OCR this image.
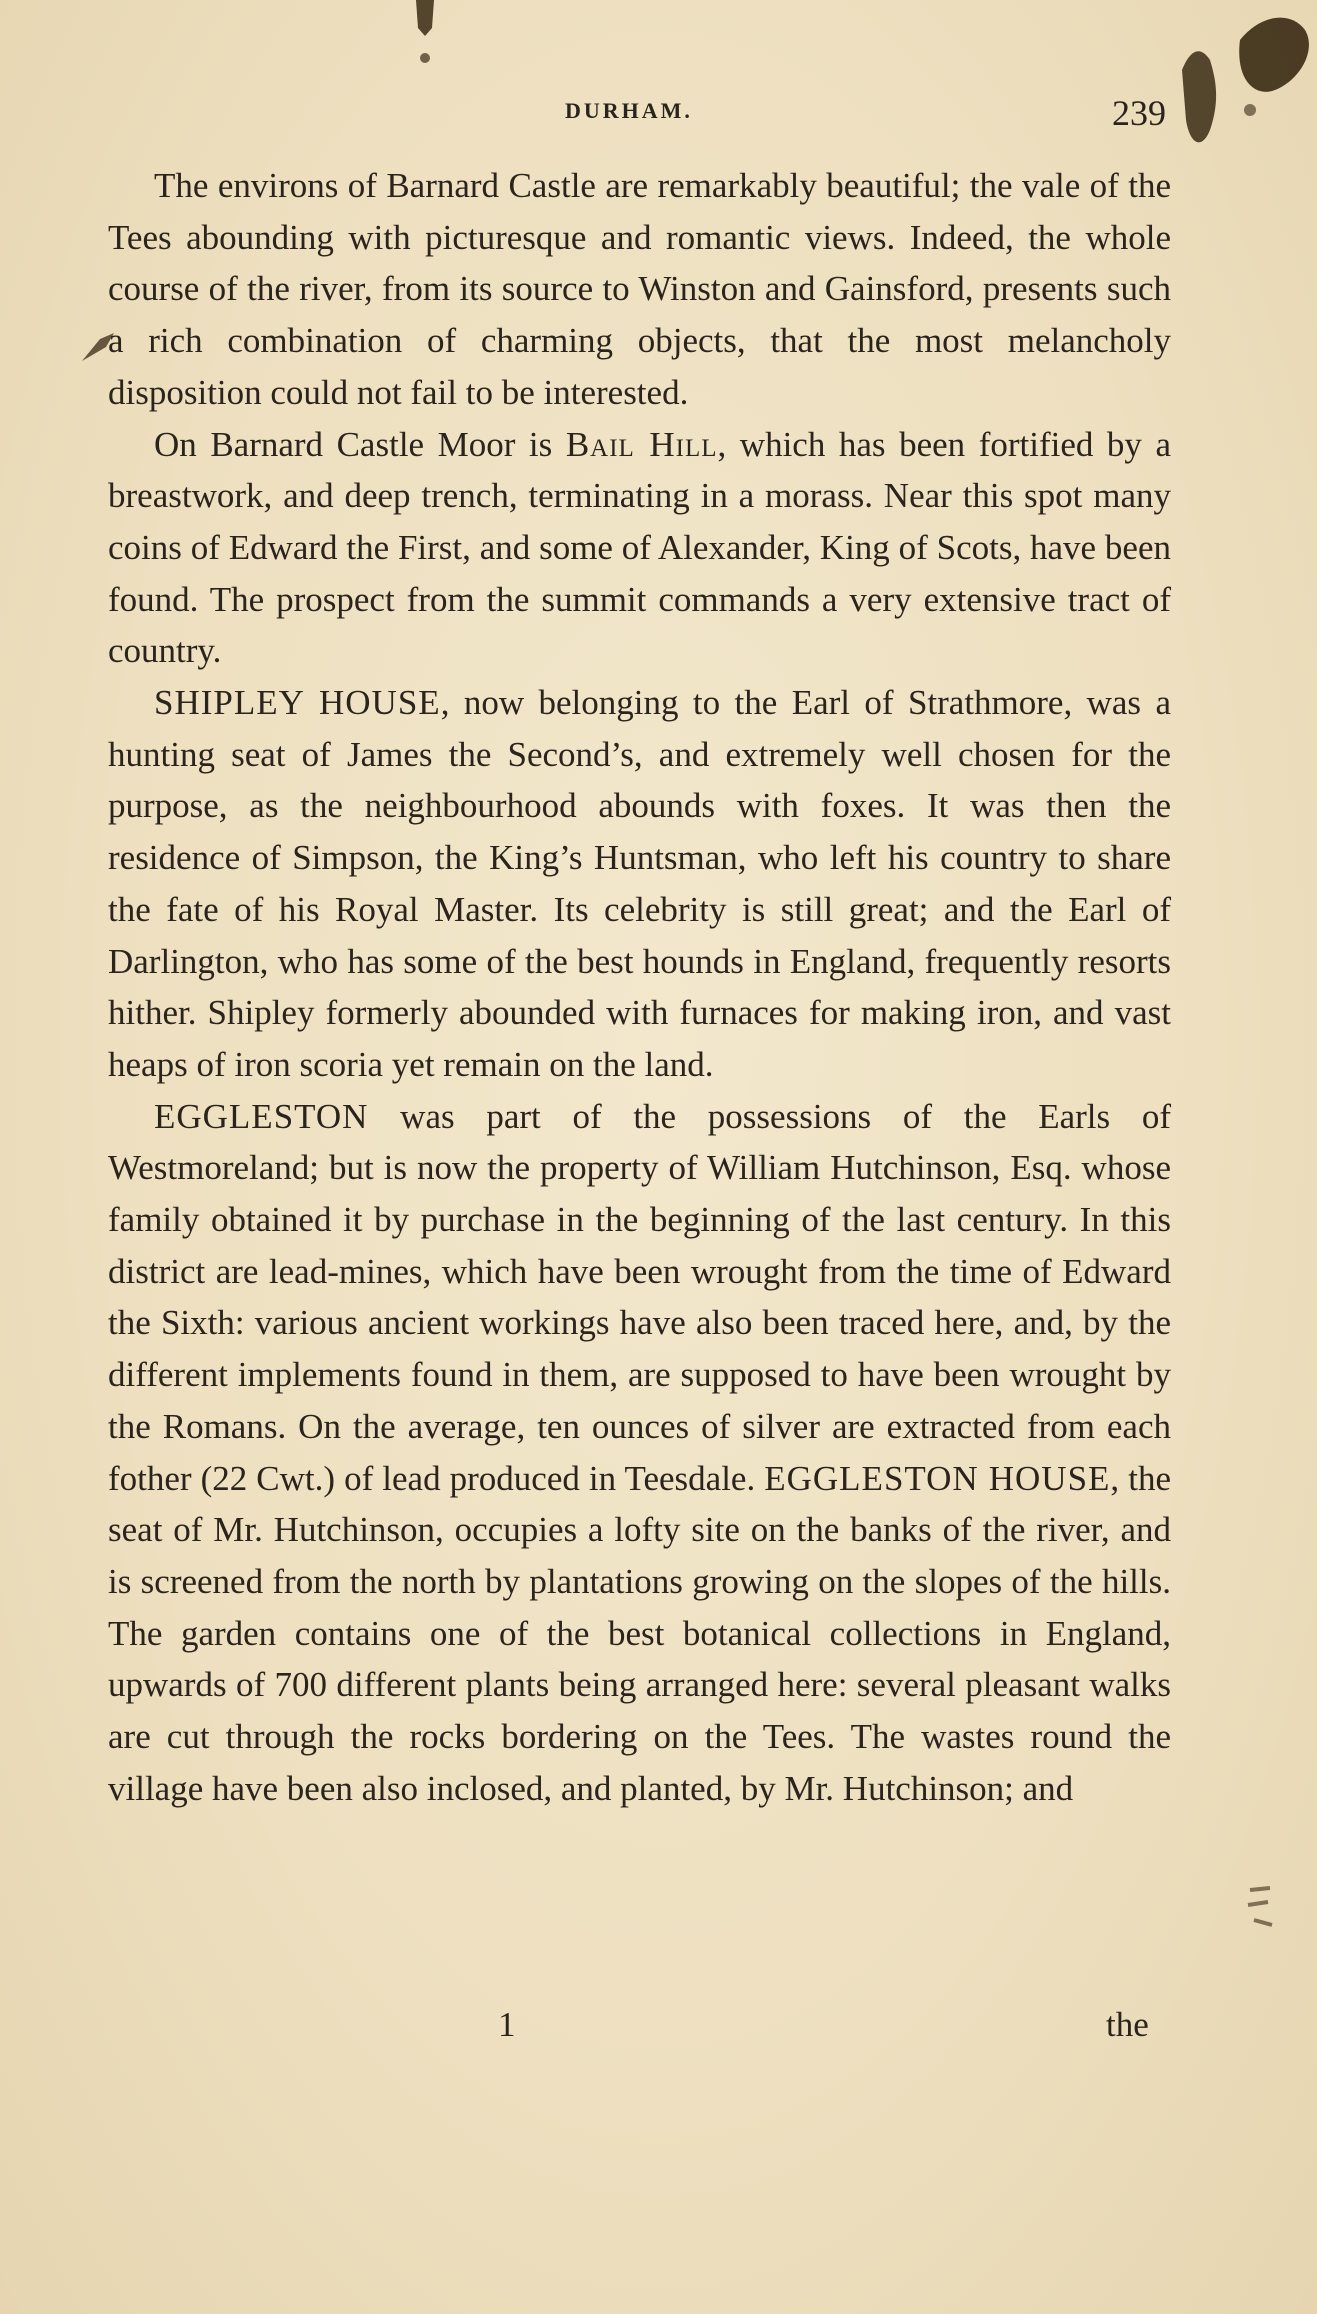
DURHAM.	239

The environs of Barnard Castle are remarkably beautiful; the vale of the Tees abounding with picturesque and romantic views. Indeed, the whole course of the river, from its source to Winston and Gainsford, presents such a rich combination of charming objects, that the most melancholy disposition could not fail to be interested.

On Barnard Castle Moor is Bail Hill, which has been fortified by a breastwork, and deep trench, terminating in a morass. Near this spot many coins of Edward the First, and some of Alexander, King of Scots, have been found. The prospect from the summit commands a very extensive tract of country.

SHIPLEY HOUSE, now belonging to the Earl of Strathmore, was a hunting seat of James the Second’s, and extremely well chosen for the purpose, as the neighbourhood abounds with foxes. It was then the residence of Simpson, the King’s Huntsman, who left his country to share the fate of his Royal Master. Its celebrity is still great; and the Earl of Darlington, who has some of the best hounds in England, frequently resorts hither. Shipley formerly abounded with furnaces for making iron, and vast heaps of iron scoria yet remain on the land.

EGGLESTON was part of the possessions of the Earls of Westmoreland; but is now the property of William Hutchinson, Esq. whose family obtained it by purchase in the beginning of the last century. In this district are lead-mines, which have been wrought from the time of Edward the Sixth: various ancient workings have also been traced here, and, by the different implements found in them, are supposed to have been wrought by the Romans. On the average, ten ounces of silver are extracted from each fother (22 Cwt.) of lead produced in Teesdale. EGGLESTON HOUSE, the seat of Mr. Hutchinson, occupies a lofty site on the banks of the river, and is screened from the north by plantations growing on the slopes of the hills. The garden contains one of the best botanical collections in England, upwards of 700 different plants being arranged here: several pleasant walks are cut through the rocks bordering on the Tees. The wastes round the village have been also inclosed, and planted, by Mr. Hutchinson; and

1	the
